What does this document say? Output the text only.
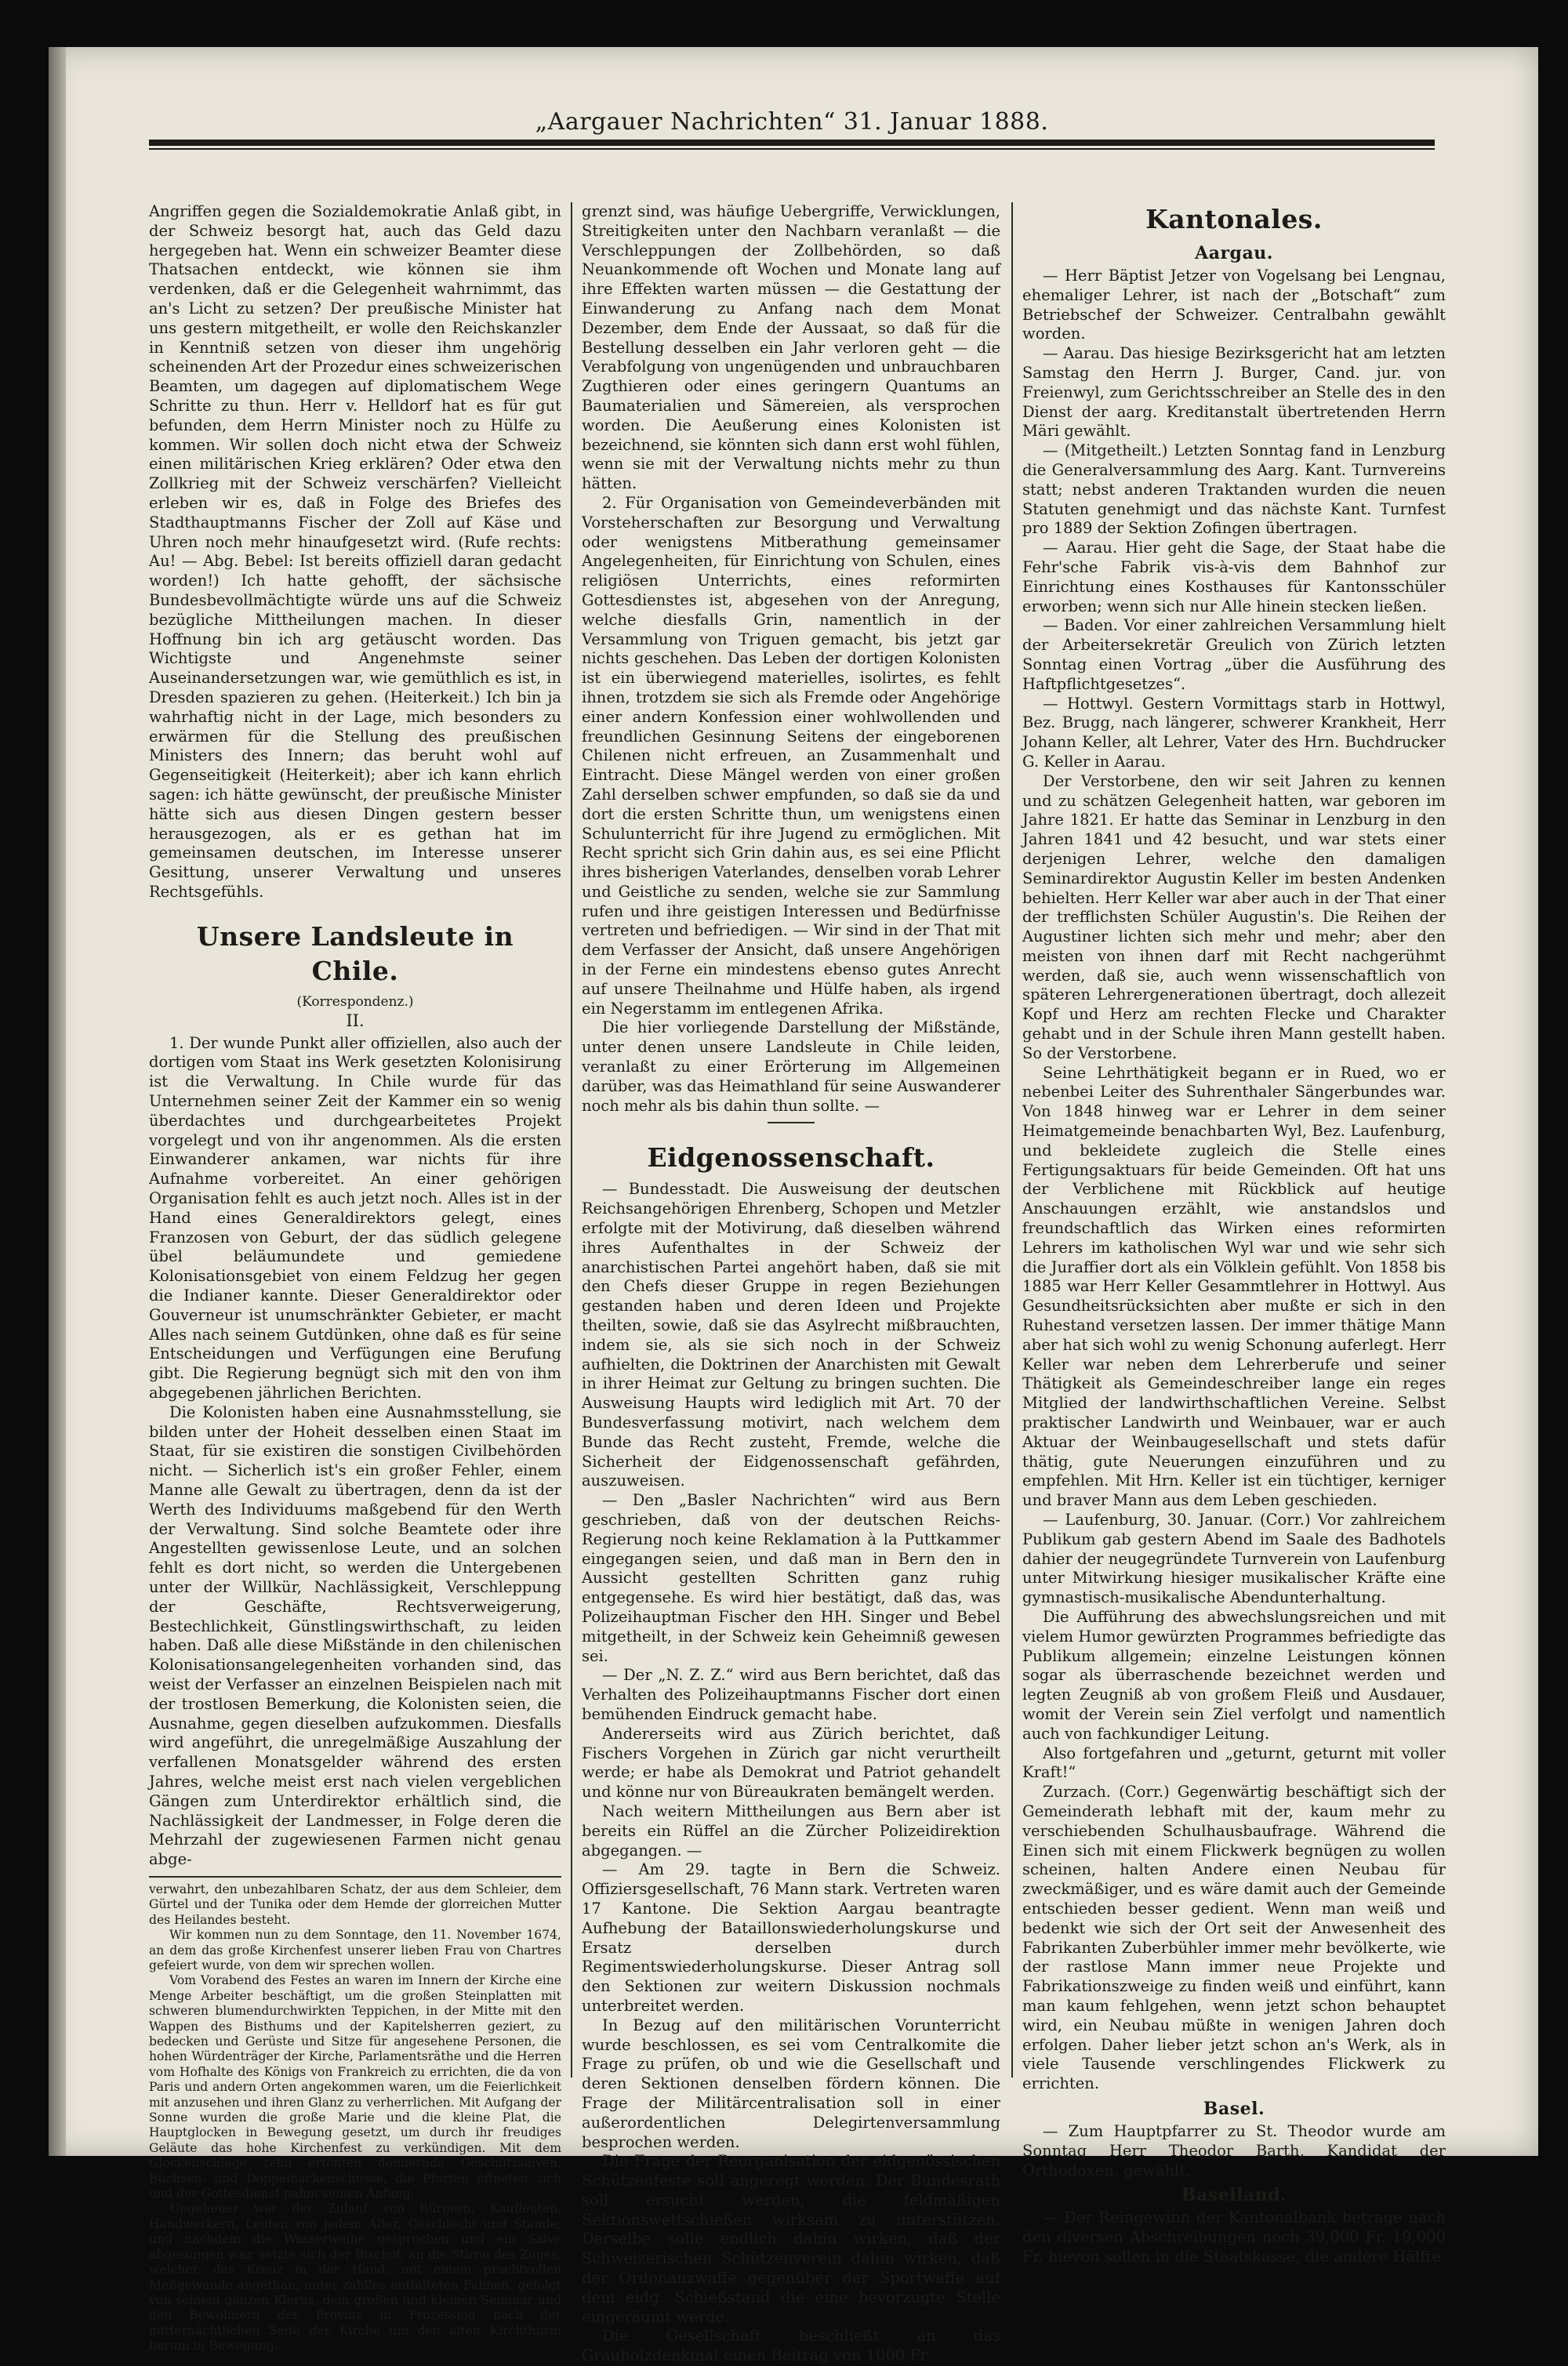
„Aargauer Nachrichten“ 31. Januar 1888.

Angriffen gegen die Sozialdemokratie Anlaß gibt, in der Schweiz besorgt hat, auch das Geld dazu hergegeben hat. Wenn ein schweizer Beamter diese Thatsachen entdeckt, wie können sie ihm verdenken, daß er die Gelegenheit wahrnimmt, das an's Licht zu setzen? Der preußische Minister hat uns gestern mitgetheilt, er wolle den Reichskanzler in Kenntniß setzen von dieser ihm ungehörig scheinenden Art der Prozedur eines schweizerischen Beamten, um dagegen auf diplomatischem Wege Schritte zu thun. Herr v. Helldorf hat es für gut befunden, dem Herrn Minister noch zu Hülfe zu kommen. Wir sollen doch nicht etwa der Schweiz einen militärischen Krieg erklären? Oder etwa den Zollkrieg mit der Schweiz verschärfen? Vielleicht erleben wir es, daß in Folge des Briefes des Stadthauptmanns Fischer der Zoll auf Käse und Uhren noch mehr hinaufgesetzt wird. (Rufe rechts: Au! — Abg. Bebel: Ist bereits offiziell daran gedacht worden!) Ich hatte gehofft, der sächsische Bundesbevollmächtigte würde uns auf die Schweiz bezügliche Mittheilungen machen. In dieser Hoffnung bin ich arg getäuscht worden. Das Wichtigste und Angenehmste seiner Auseinandersetzungen war, wie gemüthlich es ist, in Dresden spazieren zu gehen. (Heiterkeit.) Ich bin ja wahrhaftig nicht in der Lage, mich besonders zu erwärmen für die Stellung des preußischen Ministers des Innern; das beruht wohl auf Gegenseitigkeit (Heiterkeit); aber ich kann ehrlich sagen: ich hätte gewünscht, der preußische Minister hätte sich aus diesen Dingen gestern besser herausgezogen, als er es gethan hat im gemeinsamen deutschen, im Interesse unserer Gesittung, unserer Verwaltung und unseres Rechtsgefühls.

Unsere Landsleute in Chile.
(Korrespondenz.)
II.

1. Der wunde Punkt aller offiziellen, also auch der dortigen vom Staat ins Werk gesetzten Kolonisirung ist die Verwaltung. In Chile wurde für das Unternehmen seiner Zeit der Kammer ein so wenig überdachtes und durchgearbeitetes Projekt vorgelegt und von ihr angenommen. Als die ersten Einwanderer ankamen, war nichts für ihre Aufnahme vorbereitet. An einer gehörigen Organisation fehlt es auch jetzt noch. Alles ist in der Hand eines Generaldirektors gelegt, eines Franzosen von Geburt, der das südlich gelegene übel beläumundete und gemiedene Kolonisationsgebiet von einem Feldzug her gegen die Indianer kannte. Dieser Generaldirektor oder Gouverneur ist unumschränkter Gebieter, er macht Alles nach seinem Gutdünken, ohne daß es für seine Entscheidungen und Verfügungen eine Berufung gibt. Die Regierung begnügt sich mit den von ihm abgegebenen jährlichen Berichten.

Die Kolonisten haben eine Ausnahmsstellung, sie bilden unter der Hoheit desselben einen Staat im Staat, für sie existiren die sonstigen Civilbehörden nicht. — Sicherlich ist's ein großer Fehler, einem Manne alle Gewalt zu übertragen, denn da ist der Werth des Individuums maßgebend für den Werth der Verwaltung. Sind solche Beamtete oder ihre Angestellten gewissenlose Leute, und an solchen fehlt es dort nicht, so werden die Untergebenen unter der Willkür, Nachlässigkeit, Verschleppung der Geschäfte, Rechtsverweigerung, Bestechlichkeit, Günstlingswirthschaft, zu leiden haben. Daß alle diese Mißstände in den chilenischen Kolonisationsangelegenheiten vorhanden sind, das weist der Verfasser an einzelnen Beispielen nach mit der trostlosen Bemerkung, die Kolonisten seien, die Ausnahme, gegen dieselben aufzukommen. Diesfalls wird angeführt, die unregelmäßige Auszahlung der verfallenen Monatsgelder während des ersten Jahres, welche meist erst nach vielen vergeblichen Gängen zum Unterdirektor erhältlich sind, die Nachlässigkeit der Landmesser, in Folge deren die Mehrzahl der zugewiesenen Farmen nicht genau abge-

verwahrt, den unbezahlbaren Schatz, der aus dem Schleier, dem Gürtel und der Tunika oder dem Hemde der glorreichen Mutter des Heilandes besteht.

Wir kommen nun zu dem Sonntage, den 11. November 1674, an dem das große Kirchenfest unserer lieben Frau von Chartres gefeiert wurde, von dem wir sprechen wollen.

Vom Vorabend des Festes an waren im Innern der Kirche eine Menge Arbeiter beschäftigt, um die großen Steinplatten mit schweren blumendurchwirkten Teppichen, in der Mitte mit den Wappen des Bisthums und der Kapitelsherren geziert, zu bedecken und Gerüste und Sitze für angesehene Personen, die hohen Würdenträger der Kirche, Parlamentsräthe und die Herren vom Hofhalte des Königs von Frankreich zu errichten, die da von Paris und andern Orten angekommen waren, um die Feierlichkeit mit anzusehen und ihren Glanz zu verherrlichen. Mit Aufgang der Sonne wurden die große Marie und die kleine Plat, die Hauptglocken in Bewegung gesetzt, um durch ihr freudiges Geläute das hohe Kirchenfest zu verkündigen. Mit dem Glockenschlage zehn ertönten donnernde Geschützsalven, Büchsen- und Doppelhackenschüsse, die Pforten öffneten sich und der Gottesdienst nahm seinen Anfang.

Ungeheuer war der Zulauf von Bürgern, Kaufleuten, Handwerkern, Leuten von jedem Alter, Geschlecht und Stande; und nachdem die Wasserweihe gesprochen und ein Salve abgesungen war, setzte sich der Bischof, an die Stirne des Zuges, welcher, das Kreuz in der Hand, mit einem prachtvollen Meßgewande angethan, unter zahllos entfalteten Fahnen, gefolgt von seinem ganzen Klerus, dem großen und kleinen Seminar und den Bewohnern der Provinz in Prozession nach der mitternächtlichen Seite der Kirche um den alten Kirchthurm herum in Bewegung.

grenzt sind, was häufige Uebergriffe, Verwicklungen, Streitigkeiten unter den Nachbarn veranlaßt — die Verschleppungen der Zollbehörden, so daß Neuankommende oft Wochen und Monate lang auf ihre Effekten warten müssen — die Gestattung der Einwanderung zu Anfang nach dem Monat Dezember, dem Ende der Aussaat, so daß für die Bestellung desselben ein Jahr verloren geht — die Verabfolgung von ungenügenden und unbrauchbaren Zugthieren oder eines geringern Quantums an Baumaterialien und Sämereien, als versprochen worden. Die Aeußerung eines Kolonisten ist bezeichnend, sie könnten sich dann erst wohl fühlen, wenn sie mit der Verwaltung nichts mehr zu thun hätten.

2. Für Organisation von Gemeindeverbänden mit Vorsteherschaften zur Besorgung und Verwaltung oder wenigstens Mitberathung gemeinsamer Angelegenheiten, für Einrichtung von Schulen, eines religiösen Unterrichts, eines reformirten Gottesdienstes ist, abgesehen von der Anregung, welche diesfalls Grin, namentlich in der Versammlung von Triguen gemacht, bis jetzt gar nichts geschehen. Das Leben der dortigen Kolonisten ist ein überwiegend materielles, isolirtes, es fehlt ihnen, trotzdem sie sich als Fremde oder Angehörige einer andern Konfession einer wohlwollenden und freundlichen Gesinnung Seitens der eingeborenen Chilenen nicht erfreuen, an Zusammenhalt und Eintracht. Diese Mängel werden von einer großen Zahl derselben schwer empfunden, so daß sie da und dort die ersten Schritte thun, um wenigstens einen Schulunterricht für ihre Jugend zu ermöglichen. Mit Recht spricht sich Grin dahin aus, es sei eine Pflicht ihres bisherigen Vaterlandes, denselben vorab Lehrer und Geistliche zu senden, welche sie zur Sammlung rufen und ihre geistigen Interessen und Bedürfnisse vertreten und befriedigen. — Wir sind in der That mit dem Verfasser der Ansicht, daß unsere Angehörigen in der Ferne ein mindestens ebenso gutes Anrecht auf unsere Theilnahme und Hülfe haben, als irgend ein Negerstamm im entlegenen Afrika.

Die hier vorliegende Darstellung der Mißstände, unter denen unsere Landsleute in Chile leiden, veranlaßt zu einer Erörterung im Allgemeinen darüber, was das Heimathland für seine Auswanderer noch mehr als bis dahin thun sollte. —

Eidgenossenschaft.

— Bundesstadt. Die Ausweisung der deutschen Reichsangehörigen Ehrenberg, Schopen und Metzler erfolgte mit der Motivirung, daß dieselben während ihres Aufenthaltes in der Schweiz der anarchistischen Partei angehört haben, daß sie mit den Chefs dieser Gruppe in regen Beziehungen gestanden haben und deren Ideen und Projekte theilten, sowie, daß sie das Asylrecht mißbrauchten, indem sie, als sie sich noch in der Schweiz aufhielten, die Doktrinen der Anarchisten mit Gewalt in ihrer Heimat zur Geltung zu bringen suchten. Die Ausweisung Haupts wird lediglich mit Art. 70 der Bundesverfassung motivirt, nach welchem dem Bunde das Recht zusteht, Fremde, welche die Sicherheit der Eidgenossenschaft gefährden, auszuweisen.

— Den „Basler Nachrichten“ wird aus Bern geschrieben, daß von der deutschen Reichs-Regierung noch keine Reklamation à la Puttkammer eingegangen seien, und daß man in Bern den in Aussicht gestellten Schritten ganz ruhig entgegensehe. Es wird hier bestätigt, daß das, was Polizeihauptman Fischer den HH. Singer und Bebel mitgetheilt, in der Schweiz kein Geheimniß gewesen sei.

— Der „N. Z. Z.“ wird aus Bern berichtet, daß das Verhalten des Polizeihauptmanns Fischer dort einen bemühenden Eindruck gemacht habe.

Andererseits wird aus Zürich berichtet, daß Fischers Vorgehen in Zürich gar nicht verurtheilt werde; er habe als Demokrat und Patriot gehandelt und könne nur von Büreaukraten bemängelt werden.

Nach weitern Mittheilungen aus Bern aber ist bereits ein Rüffel an die Zürcher Polizeidirektion abgegangen. —

— Am 29. tagte in Bern die Schweiz. Offiziersgesellschaft, 76 Mann stark. Vertreten waren 17 Kantone. Die Sektion Aargau beantragte Aufhebung der Bataillonswiederholungskurse und Ersatz derselben durch Regimentswiederholungskurse. Dieser Antrag soll den Sektionen zur weitern Diskussion nochmals unterbreitet werden.

In Bezug auf den militärischen Vorunterricht wurde beschlossen, es sei vom Centralkomite die Frage zu prüfen, ob und wie die Gesellschaft und deren Sektionen denselben fördern können. Die Frage der Militärcentralisation soll in einer außerordentlichen Delegirtenversammlung besprochen werden.

Die Frage der Reorganisation der eidgenössischen Schützenfeste soll angeregt werden. Der Bundesrath soll ersucht werden, die feldmäßigen Sektionswettschießen wirksam zu unterstützen. Derselbe solle endlich dahin wirken, daß der Schweizerischen Schützenverein dahin wirken, daß der Ordonanzwaffe gegenüber der Sportwaffe auf dem eidg. Schießstand die eine bevorzugte Stelle eingeräumt werde.

Die Gesellschaft beschließt an das Grauholzdenkmal einen Beitrag von 1000 Fr.

Kantonales.
Aargau.

— Herr Bäptist Jetzer von Vogelsang bei Lengnau, ehemaliger Lehrer, ist nach der „Botschaft“ zum Betriebschef der Schweizer. Centralbahn gewählt worden.

— Aarau. Das hiesige Bezirksgericht hat am letzten Samstag den Herrn J. Burger, Cand. jur. von Freienwyl, zum Gerichtsschreiber an Stelle des in den Dienst der aarg. Kreditanstalt übertretenden Herrn Märi gewählt.

— (Mitgetheilt.) Letzten Sonntag fand in Lenzburg die Generalversammlung des Aarg. Kant. Turnvereins statt; nebst anderen Traktanden wurden die neuen Statuten genehmigt und das nächste Kant. Turnfest pro 1889 der Sektion Zofingen übertragen.

— Aarau. Hier geht die Sage, der Staat habe die Fehr'sche Fabrik vis-à-vis dem Bahnhof zur Einrichtung eines Kosthauses für Kantonsschüler erworben; wenn sich nur Alle hinein stecken ließen.

— Baden. Vor einer zahlreichen Versammlung hielt der Arbeitersekretär Greulich von Zürich letzten Sonntag einen Vortrag „über die Ausführung des Haftpflichtgesetzes“.

— Hottwyl. Gestern Vormittags starb in Hottwyl, Bez. Brugg, nach längerer, schwerer Krankheit, Herr Johann Keller, alt Lehrer, Vater des Hrn. Buchdrucker G. Keller in Aarau.

Der Verstorbene, den wir seit Jahren zu kennen und zu schätzen Gelegenheit hatten, war geboren im Jahre 1821. Er hatte das Seminar in Lenzburg in den Jahren 1841 und 42 besucht, und war stets einer derjenigen Lehrer, welche den damaligen Seminardirektor Augustin Keller im besten Andenken behielten. Herr Keller war aber auch in der That einer der trefflichsten Schüler Augustin's. Die Reihen der Augustiner lichten sich mehr und mehr; aber den meisten von ihnen darf mit Recht nachgerühmt werden, daß sie, auch wenn wissenschaftlich von späteren Lehrergenerationen übertragt, doch allezeit Kopf und Herz am rechten Flecke und Charakter gehabt und in der Schule ihren Mann gestellt haben. So der Verstorbene.

Seine Lehrthätigkeit begann er in Rued, wo er nebenbei Leiter des Suhrenthaler Sängerbundes war. Von 1848 hinweg war er Lehrer in dem seiner Heimatgemeinde benachbarten Wyl, Bez. Laufenburg, und bekleidete zugleich die Stelle eines Fertigungsaktuars für beide Gemeinden. Oft hat uns der Verblichene mit Rückblick auf heutige Anschauungen erzählt, wie anstandslos und freundschaftlich das Wirken eines reformirten Lehrers im katholischen Wyl war und wie sehr sich die Juraffier dort als ein Völklein gefühlt. Von 1858 bis 1885 war Herr Keller Gesammtlehrer in Hottwyl. Aus Gesundheitsrücksichten aber mußte er sich in den Ruhestand versetzen lassen. Der immer thätige Mann aber hat sich wohl zu wenig Schonung auferlegt. Herr Keller war neben dem Lehrerberufe und seiner Thätigkeit als Gemeindeschreiber lange ein reges Mitglied der landwirthschaftlichen Vereine. Selbst praktischer Landwirth und Weinbauer, war er auch Aktuar der Weinbaugesellschaft und stets dafür thätig, gute Neuerungen einzuführen und zu empfehlen. Mit Hrn. Keller ist ein tüchtiger, kerniger und braver Mann aus dem Leben geschieden.

— Laufenburg, 30. Januar. (Corr.) Vor zahlreichem Publikum gab gestern Abend im Saale des Badhotels dahier der neugegründete Turnverein von Laufenburg unter Mitwirkung hiesiger musikalischer Kräfte eine gymnastisch-musikalische Abendunterhaltung.

Die Aufführung des abwechslungsreichen und mit vielem Humor gewürzten Programmes befriedigte das Publikum allgemein; einzelne Leistungen können sogar als überraschende bezeichnet werden und legten Zeugniß ab von großem Fleiß und Ausdauer, womit der Verein sein Ziel verfolgt und namentlich auch von fachkundiger Leitung.

Also fortgefahren und „geturnt, geturnt mit voller Kraft!“

Zurzach. (Corr.) Gegenwärtig beschäftigt sich der Gemeinderath lebhaft mit der, kaum mehr zu verschiebenden Schulhausbaufrage. Während die Einen sich mit einem Flickwerk begnügen zu wollen scheinen, halten Andere einen Neubau für zweckmäßiger, und es wäre damit auch der Gemeinde entschieden besser gedient. Wenn man weiß und bedenkt wie sich der Ort seit der Anwesenheit des Fabrikanten Zuberbühler immer mehr bevölkerte, wie der rastlose Mann immer neue Projekte und Fabrikationszweige zu finden weiß und einführt, kann man kaum fehlgehen, wenn jetzt schon behauptet wird, ein Neubau müßte in wenigen Jahren doch erfolgen. Daher lieber jetzt schon an's Werk, als in viele Tausende verschlingendes Flickwerk zu errichten.

Basel.

— Zum Hauptpfarrer zu St. Theodor wurde am Sonntag Herr Theodor Barth, Kandidat der Orthodoxen, gewählt.

Baselland.

— Der Reingewinn der Kantonalbank betrage nach den diversen Abschreibungen noch 39,000 Fr. 19,000 Fr. hievon sollen in die Staatskasse, die andere Hälfte
